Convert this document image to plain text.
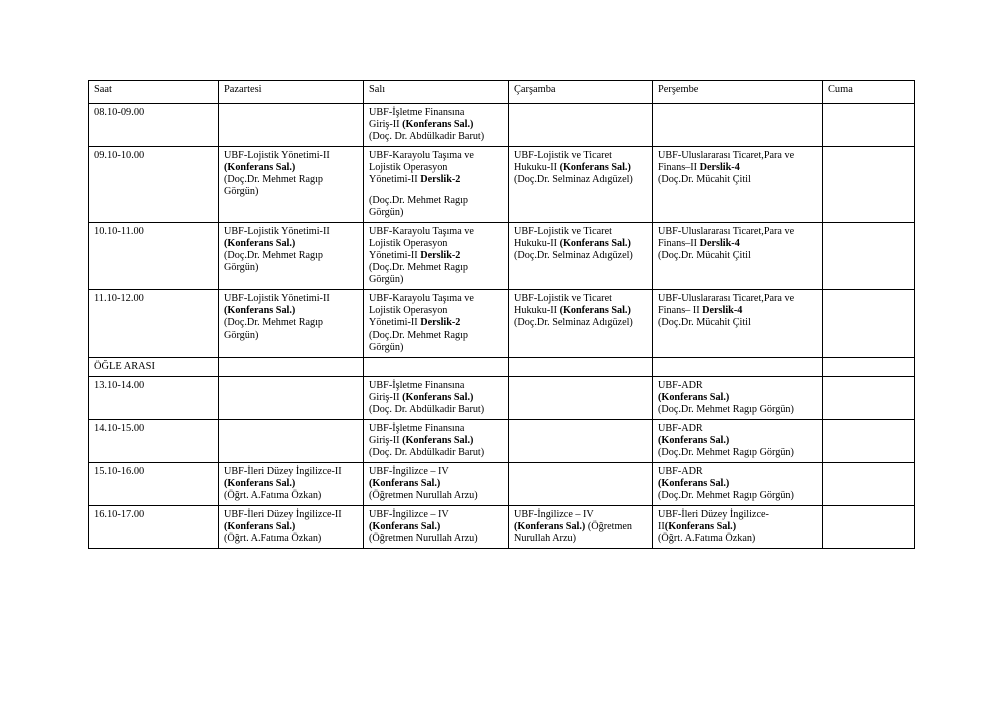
Saat	Pazartesi	Salı	Çarşamba	Perşembe	Cuma
08.10-09.00		UBF-İşletme Finansına
Giriş-II (Konferans Sal.)
(Doç. Dr. Abdülkadir Barut)			

09.10-10.00	UBF-Lojistik Yönetimi-II
(Konferans Sal.)
(Doç.Dr. Mehmet Ragıp
Görgün)	UBF-Karayolu Taşıma ve
Lojistik Operasyon
Yönetimi-II Derslik-2
(Doç.Dr. Mehmet Ragıp
Görgün)	UBF-Lojistik ve Ticaret
Hukuku-II (Konferans Sal.)
(Doç.Dr. Selminaz Adıgüzel)	UBF-Uluslararası Ticaret,Para ve
Finans–II Derslik-4
(Doç.Dr. Mücahit Çitil	

10.10-11.00	UBF-Lojistik Yönetimi-II
(Konferans Sal.)
(Doç.Dr. Mehmet Ragıp
Görgün)	UBF-Karayolu Taşıma ve
Lojistik Operasyon
Yönetimi-II Derslik-2
(Doç.Dr. Mehmet Ragıp
Görgün)	UBF-Lojistik ve Ticaret
Hukuku-II (Konferans Sal.)
(Doç.Dr. Selminaz Adıgüzel)	UBF-Uluslararası Ticaret,Para ve
Finans–II Derslik-4
(Doç.Dr. Mücahit Çitil	

11.10-12.00	UBF-Lojistik Yönetimi-II
(Konferans Sal.)
(Doç.Dr. Mehmet Ragıp
Görgün)	UBF-Karayolu Taşıma ve
Lojistik Operasyon
Yönetimi-II Derslik-2
(Doç.Dr. Mehmet Ragıp
Görgün)	UBF-Lojistik ve Ticaret
Hukuku-II (Konferans Sal.)
(Doç.Dr. Selminaz Adıgüzel)	UBF-Uluslararası Ticaret,Para ve
Finans– II Derslik-4
(Doç.Dr. Mücahit Çitil	

ÖĞLE ARASI					
13.10-14.00		UBF-İşletme Finansına
Giriş-II (Konferans Sal.)
(Doç. Dr. Abdülkadir Barut)		UBF-ADR
(Konferans Sal.)
(Doç.Dr. Mehmet Ragıp Görgün)	

14.10-15.00		UBF-İşletme Finansına
Giriş-II (Konferans Sal.)
(Doç. Dr. Abdülkadir Barut)		UBF-ADR
(Konferans Sal.)
(Doç.Dr. Mehmet Ragıp Görgün)	

15.10-16.00	UBF-İleri Düzey İngilizce-II
(Konferans Sal.)
(Öğrt. A.Fatıma Özkan)	UBF-İngilizce – IV
(Konferans Sal.)
(Öğretmen Nurullah Arzu)		UBF-ADR
(Konferans Sal.)
(Doç.Dr. Mehmet Ragıp Görgün)	

16.10-17.00	UBF-İleri Düzey İngilizce-II
(Konferans Sal.)
(Öğrt. A.Fatıma Özkan)	UBF-İngilizce – IV
(Konferans Sal.)
(Öğretmen Nurullah Arzu)	UBF-İngilizce – IV
(Konferans Sal.) (Öğretmen
Nurullah Arzu)	UBF-İleri Düzey İngilizce-
II(Konferans Sal.)
(Öğrt. A.Fatıma Özkan)	
